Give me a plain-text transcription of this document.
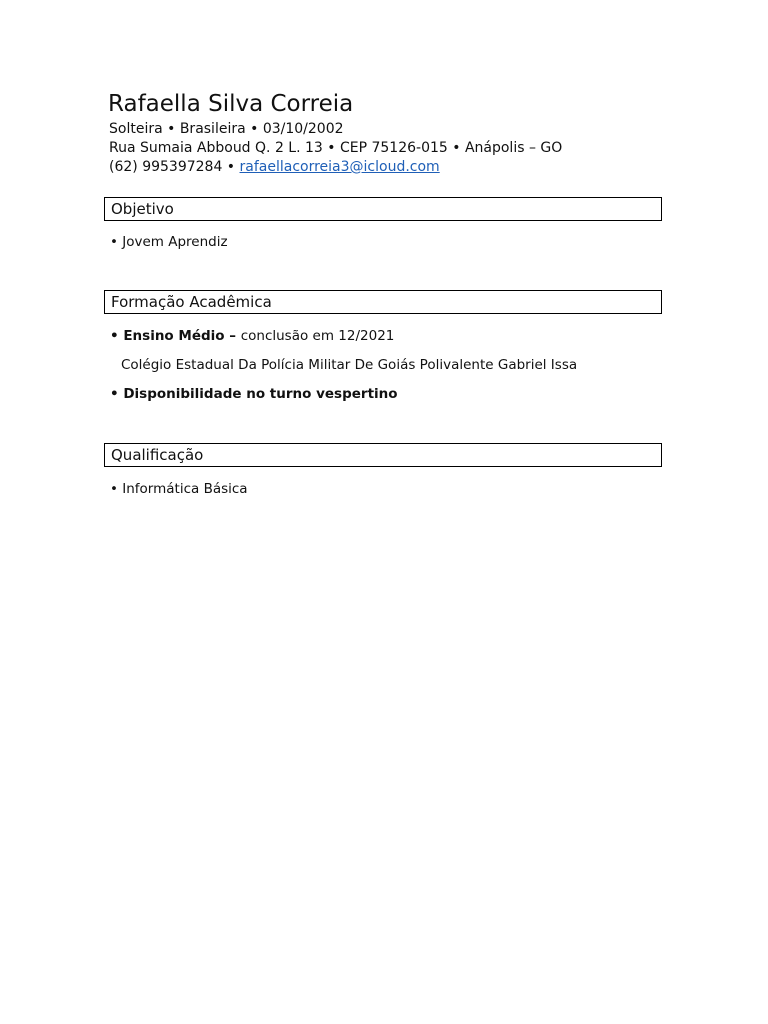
Rafaella Silva Correia
Solteira • Brasileira • 03/10/2002
Rua Sumaia Abboud Q. 2 L. 13 • CEP 75126-015 • Anápolis – GO
(62) 995397284 • rafaellacorreia3@icloud.com
Objetivo
• Jovem Aprendiz
Formação Acadêmica
• Ensino Médio – conclusão em 12/2021
Colégio Estadual Da Polícia Militar De Goiás Polivalente Gabriel Issa
• Disponibilidade no turno vespertino
Qualificação
• Informática Básica
